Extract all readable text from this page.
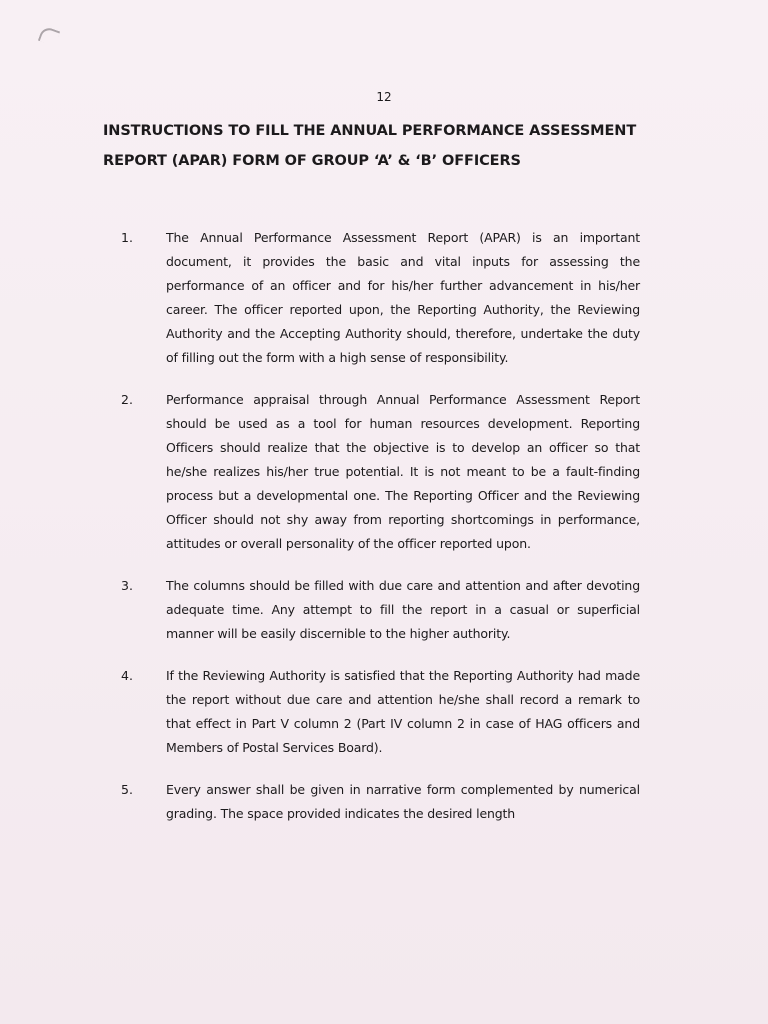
12
INSTRUCTIONS TO FILL THE ANNUAL PERFORMANCE ASSESSMENT REPORT (APAR) FORM OF GROUP ‘A’ & ‘B’ OFFICERS
1.	The Annual Performance Assessment Report (APAR) is an important document, it provides the basic and vital inputs for assessing the performance of an officer and for his/her further advancement in his/her career. The officer reported upon, the Reporting Authority, the Reviewing Authority and the Accepting Authority should, therefore, undertake the duty of filling out the form with a high sense of responsibility.
2.	Performance appraisal through Annual Performance Assessment Report should be used as a tool for human resources development. Reporting Officers should realize that the objective is to develop an officer so that he/she realizes his/her true potential. It is not meant to be a fault-finding process but a developmental one. The Reporting Officer and the Reviewing Officer should not shy away from reporting shortcomings in performance, attitudes or overall personality of the officer reported upon.
3.	The columns should be filled with due care and attention and after devoting adequate time. Any attempt to fill the report in a casual or superficial manner will be easily discernible to the higher authority.
4.	If the Reviewing Authority is satisfied that the Reporting Authority had made the report without due care and attention he/she shall record a remark to that effect in Part V column 2 (Part IV column 2 in case of HAG officers and Members of Postal Services Board).
5.	Every answer shall be given in narrative form complemented by numerical grading. The space provided indicates the desired length
